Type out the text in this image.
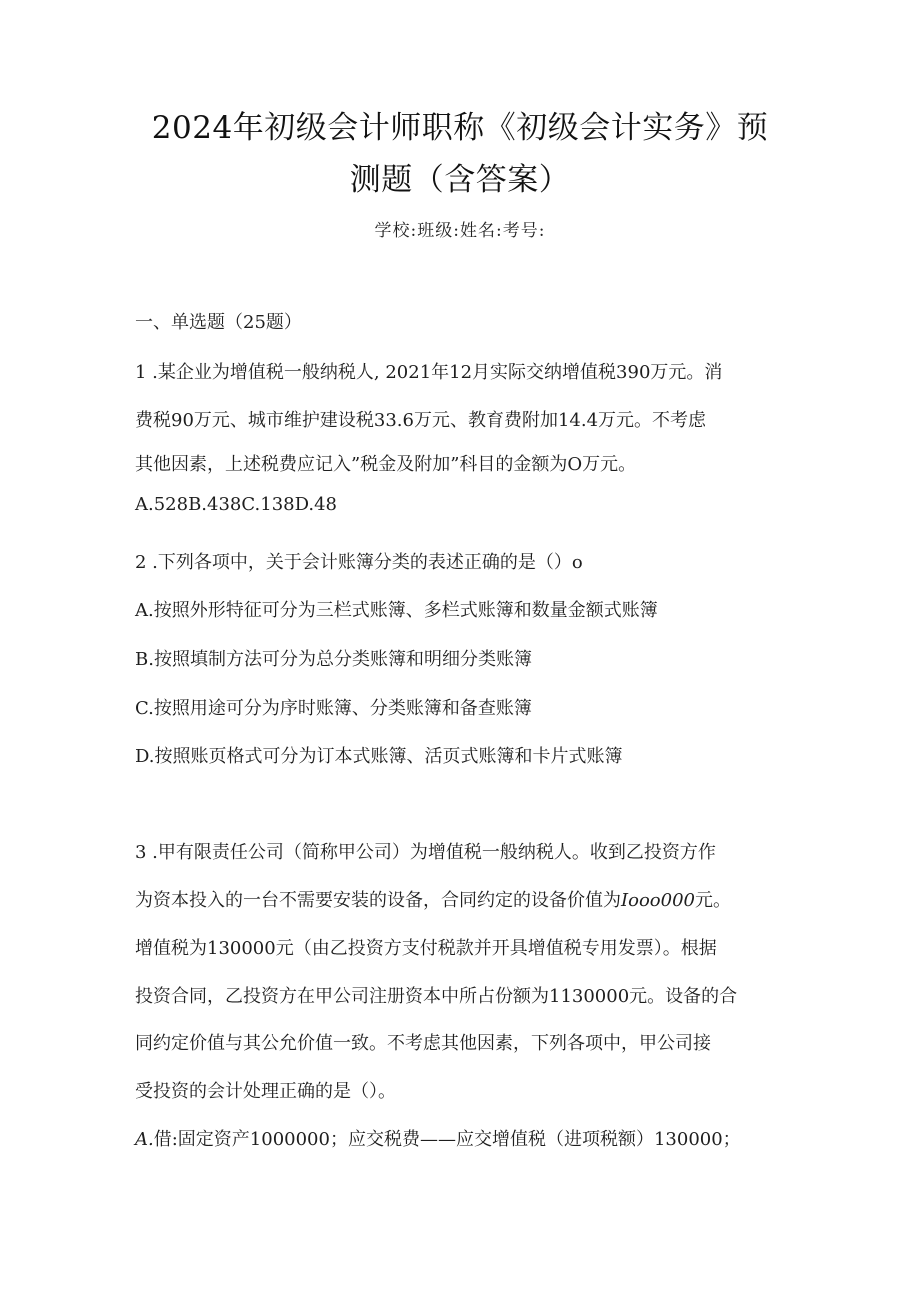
2024年初级会计师职称《初级会计实务》预
测题（含答案）
学校:班级:姓名:考号:
一、单选题（25题）
1 .某企业为增值税一般纳税人, 2021年12月实际交纳增值税390万元。消
费税90万元、城市维护建设税33.6万元、教育费附加14.4万元。不考虑
其他因素，上述税费应记入”税金及附加”科目的金额为O万元。
A.528B.438C.138D.48
2 .下列各项中，关于会计账簿分类的表述正确的是（）o
A.按照外形特征可分为三栏式账簿、多栏式账簿和数量金额式账簿
B.按照填制方法可分为总分类账簿和明细分类账簿
C.按照用途可分为序时账簿、分类账簿和备查账簿
D.按照账页格式可分为订本式账簿、活页式账簿和卡片式账簿
3 .甲有限责任公司（简称甲公司）为增值税一般纳税人。收到乙投资方作
为资本投入的一台不需要安装的设备，合同约定的设备价值为Iooo000元。
增值税为130000元（由乙投资方支付税款并开具增值税专用发票）。根据
投资合同，乙投资方在甲公司注册资本中所占份额为1130000元。设备的合
同约定价值与其公允价值一致。不考虑其他因素，下列各项中，甲公司接
受投资的会计处理正确的是（）。
A.借:固定资产1000000；应交税费——应交增值税（进项税额）130000；
